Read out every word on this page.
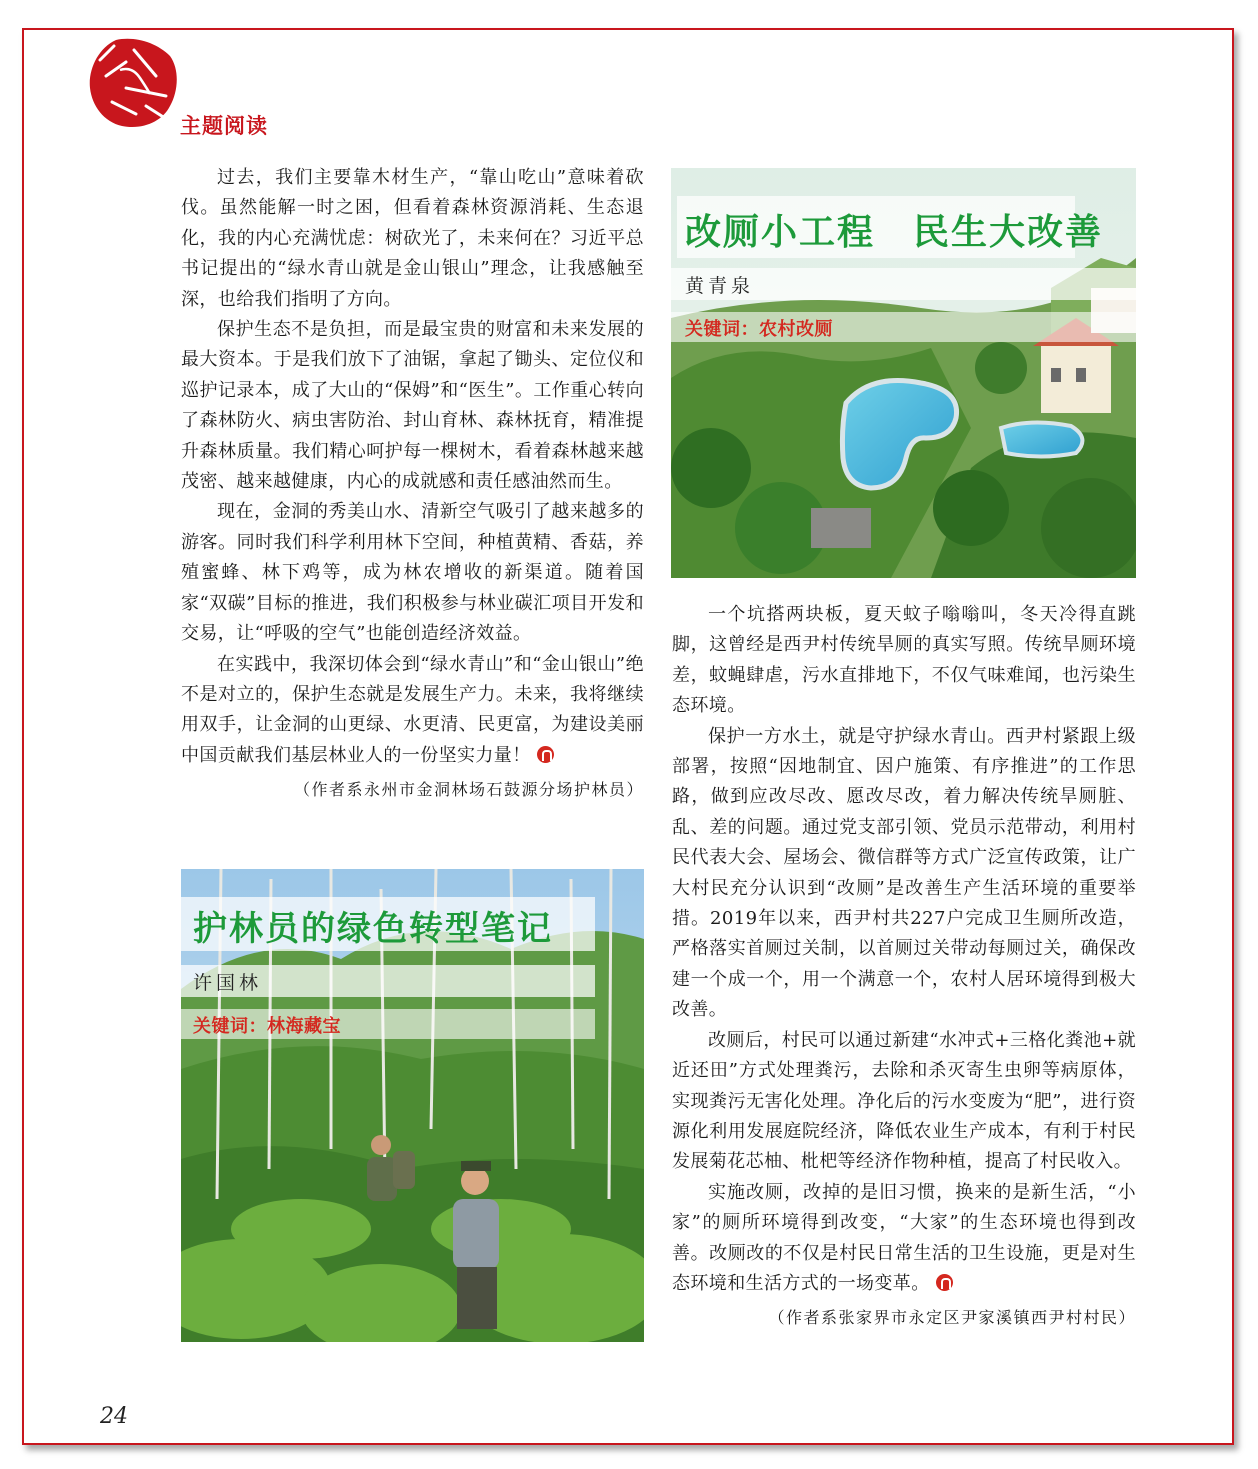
主题阅读

过去，我们主要靠木材生产，“靠山吃山”意味着砍伐。虽然能解一时之困，但看着森林资源消耗、生态退化，我的内心充满忧虑：树砍光了，未来何在？习近平总书记提出的“绿水青山就是金山银山”理念，让我感触至深，也给我们指明了方向。

保护生态不是负担，而是最宝贵的财富和未来发展的最大资本。于是我们放下了油锯，拿起了锄头、定位仪和巡护记录本，成了大山的“保姆”和“医生”。工作重心转向了森林防火、病虫害防治、封山育林、森林抚育，精准提升森林质量。我们精心呵护每一棵树木，看着森林越来越茂密、越来越健康，内心的成就感和责任感油然而生。

现在，金洞的秀美山水、清新空气吸引了越来越多的游客。同时我们科学利用林下空间，种植黄精、香菇，养殖蜜蜂、林下鸡等，成为林农增收的新渠道。随着国家“双碳”目标的推进，我们积极参与林业碳汇项目开发和交易，让“呼吸的空气”也能创造经济效益。

在实践中，我深切体会到“绿水青山”和“金山银山”绝不是对立的，保护生态就是发展生产力。未来，我将继续用双手，让金洞的山更绿、水更清、民更富，为建设美丽中国贡献我们基层林业人的一份坚实力量！

（作者系永州市金洞林场石鼓源分场护林员）

改厕小工程　民生大改善
黄青泉
关键词：农村改厕
护林员的绿色转型笔记
许国林
关键词：林海藏宝

一个坑搭两块板，夏天蚊子嗡嗡叫，冬天冷得直跳脚，这曾经是西尹村传统旱厕的真实写照。传统旱厕环境差，蚊蝇肆虐，污水直排地下，不仅气味难闻，也污染生态环境。

保护一方水土，就是守护绿水青山。西尹村紧跟上级部署，按照“因地制宜、因户施策、有序推进”的工作思路，做到应改尽改、愿改尽改，着力解决传统旱厕脏、乱、差的问题。通过党支部引领、党员示范带动，利用村民代表大会、屋场会、微信群等方式广泛宣传政策，让广大村民充分认识到“改厕”是改善生产生活环境的重要举措。2019年以来，西尹村共227户完成卫生厕所改造，严格落实首厕过关制，以首厕过关带动每厕过关，确保改建一个成一个，用一个满意一个，农村人居环境得到极大改善。

改厕后，村民可以通过新建“水冲式+三格化粪池+就近还田”方式处理粪污，去除和杀灭寄生虫卵等病原体，实现粪污无害化处理。净化后的污水变废为“肥”，进行资源化利用发展庭院经济，降低农业生产成本，有利于村民发展菊花芯柚、枇杷等经济作物种植，提高了村民收入。

实施改厕，改掉的是旧习惯，换来的是新生活，“小家”的厕所环境得到改变，“大家”的生态环境也得到改善。改厕改的不仅是村民日常生活的卫生设施，更是对生态环境和生活方式的一场变革。

（作者系张家界市永定区尹家溪镇西尹村村民）

24
